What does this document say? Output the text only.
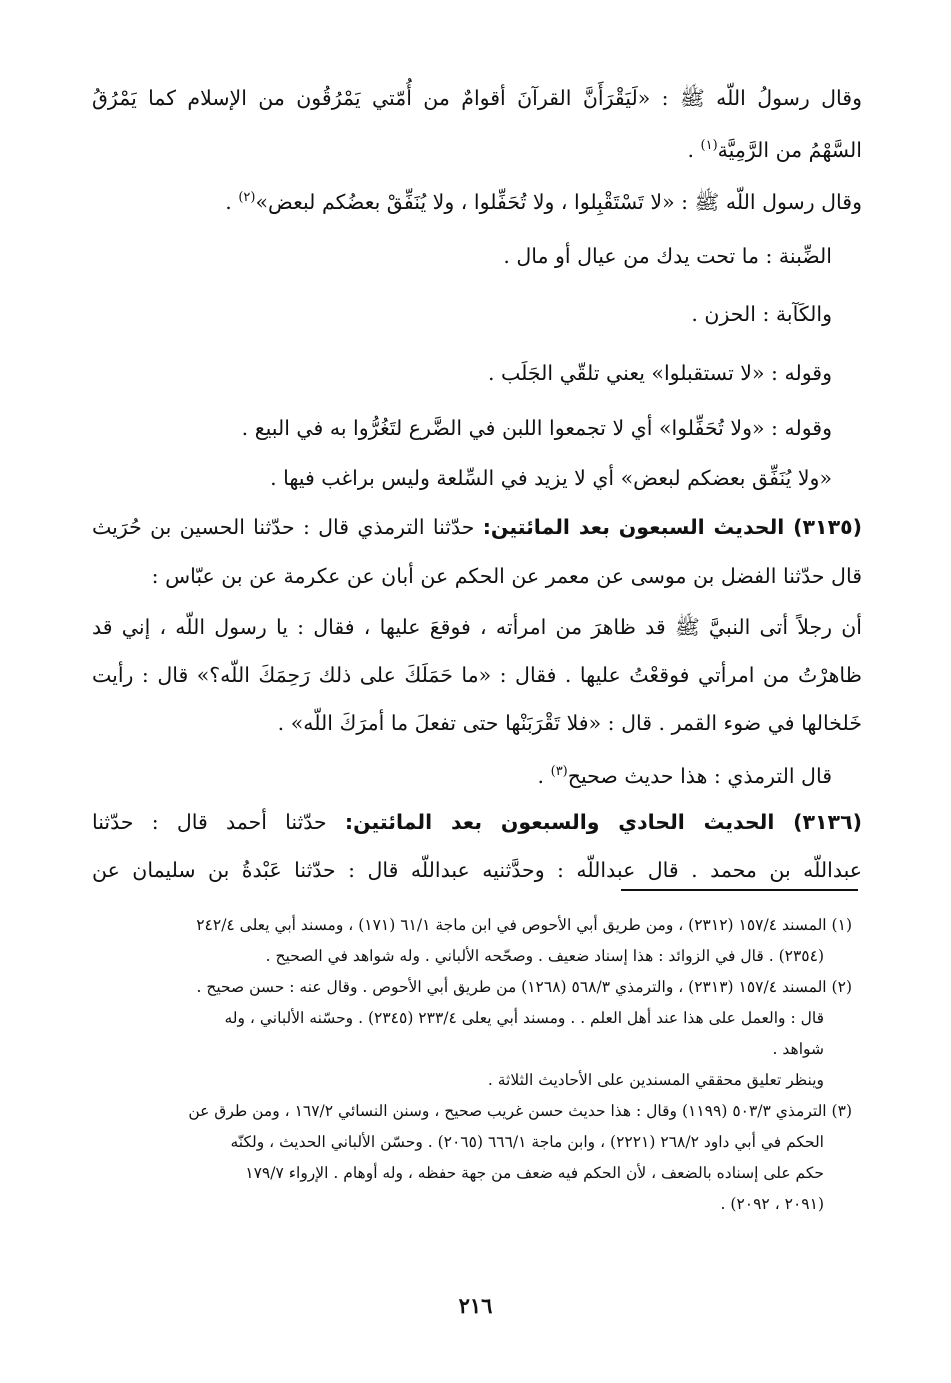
وقال رسولُ اللّه ﷺ : «لَيَقْرَأَنَّ القرآنَ أقوامٌ من أُمّتي يَمْرُقُون من الإسلام كما يَمْرُقُ
السَّهْمُ من الرَّمِيَّة$^{(١)}$ .
وقال رسول اللّه ﷺ : «لا تَسْتَقْبِلوا ، ولا تُحَفِّلوا ، ولا يُنَفِّقْ بعضُكم لبعض»$^{(٢)}$ .
الضِّبنة : ما تحت يدك من عيال أو مال .
والكَآبة : الحزن .
وقوله : «لا تستقبلوا» يعني تلقّي الجَلَب .
وقوله : «ولا تُحَفِّلوا» أي لا تجمعوا اللبن في الضَّرع لتَغُرُّوا به في البيع .
«ولا يُنَفِّق بعضكم لبعض» أي لا يزيد في السِّلعة وليس براغب فيها .
(٣١٣٥) الحديث السبعون بعد المائتين: حدّثنا الترمذي قال : حدّثنا الحسين بن حُرَيث
قال حدّثنا الفضل بن موسى عن معمر عن الحكم عن أبان عن عكرمة عن بن عبّاس :
أن رجلاً أتى النبيَّ ﷺ قد ظاهرَ من امرأته ، فوقعَ عليها ، فقال : يا رسول اللّه ، إني قد
ظاهرْتُ من امرأتي فوقعْتُ عليها . فقال : «ما حَمَلَكَ على ذلك رَحِمَكَ اللّه؟» قال : رأيت
خَلخالها في ضوء القمر . قال : «فلا تَقْرَبَنْها حتى تفعلَ ما أمرَكَ اللّه» .
قال الترمذي : هذا حديث صحيح$^{(٣)}$ .
(٣١٣٦) الحديث الحادي والسبعون بعد المائتين: حدّثنا أحمد قال : حدّثنا
عبداللّه بن محمد . قال عبداللّه : وحدَّثنيه عبداللّه قال : حدّثنا عَبْدةُ بن سليمان عن
(١) المسند ١٥٧/٤ (٢٣١٢) ، ومن طريق أبي الأحوص في ابن ماجة ٦١/١ (١٧١) ، ومسند أبي يعلى ٢٤٢/٤
(٢٣٥٤) . قال في الزوائد : هذا إسناد ضعيف . وصحّحه الألباني . وله شواهد في الصحيح .
(٢) المسند ١٥٧/٤ (٢٣١٣) ، والترمذي ٥٦٨/٣ (١٢٦٨) من طريق أبي الأحوص . وقال عنه : حسن صحيح .
قال : والعمل على هذا عند أهل العلم . . ومسند أبي يعلى ٢٣٣/٤ (٢٣٤٥) . وحسّنه الألباني ، وله
شواهد .
وينظر تعليق محققي المسندين على الأحاديث الثلاثة .
(٣) الترمذي ٥٠٣/٣ (١١٩٩) وقال : هذا حديث حسن غريب صحيح ، وسنن النسائي ١٦٧/٢ ، ومن طرق عن
الحكم في أبي داود ٢٦٨/٢ (٢٢٢١) ، وابن ماجة ٦٦٦/١ (٢٠٦٥) . وحسّن الألباني الحديث ، ولكنّه
حكم على إسناده بالضعف ، لأن الحكم فيه ضعف من جهة حفظه ، وله أوهام . الإرواء ١٧٩/٧
(٢٠٩١ ، ٢٠٩٢) .
٢١٦
